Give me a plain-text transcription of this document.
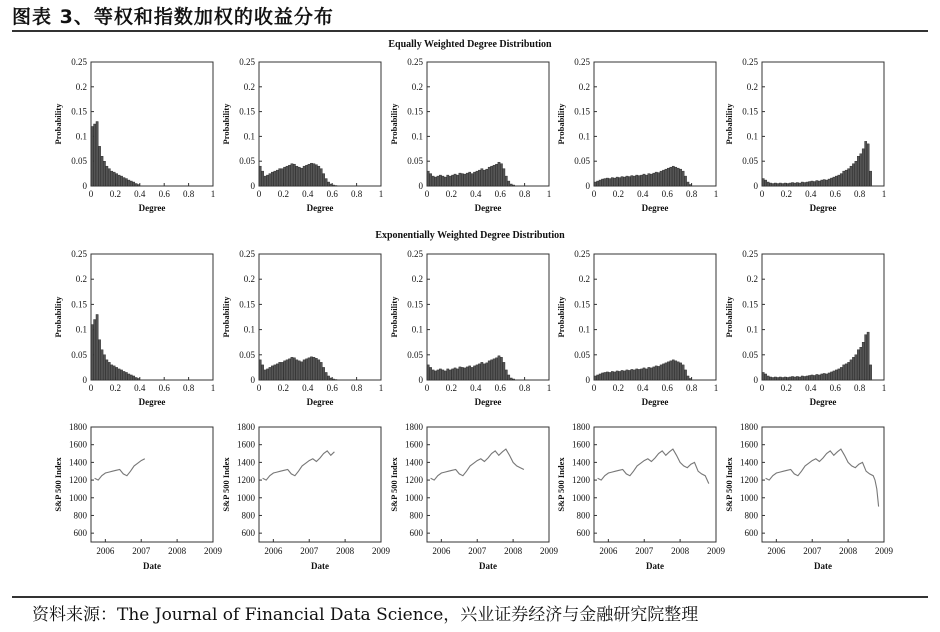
图表 3、等权和指数加权的收益分布
Equally Weighted Degree Distribution
Exponentially Weighted Degree Distribution
0
0.05
0.1
0.15
0.2
0.25
0 0.2 0.4 0.6 0.8 1
Degree
Probability
0
0.05
0.1
0.15
0.2
0.25
0 0.2 0.4 0.6 0.8 1
Degree
Probability
0
0.05
0.1
0.15
0.2
0.25
0 0.2 0.4 0.6 0.8 1
Degree
Probability
0
0.05
0.1
0.15
0.2
0.25
0 0.2 0.4 0.6 0.8 1
Degree
Probability
0
0.05
0.1
0.15
0.2
0.25
0 0.2 0.4 0.6 0.8 1
Degree
Probability
0
0.05
0.1
0.15
0.2
0.25
0 0.2 0.4 0.6 0.8 1
Degree
Probability
0
0.05
0.1
0.15
0.2
0.25
0 0.2 0.4 0.6 0.8 1
Degree
Probability
0
0.05
0.1
0.15
0.2
0.25
0 0.2 0.4 0.6 0.8 1
Degree
Probability
0
0.05
0.1
0.15
0.2
0.25
0 0.2 0.4 0.6 0.8 1
Degree
Probability
0
0.05
0.1
0.15
0.2
0.25
0 0.2 0.4 0.6 0.8 1
Degree
Probability
600
800
1000
1200
1400
1600
1800
2006 2007 2008 2009
Date
S&P 500 Index
600
800
1000
1200
1400
1600
1800
2006 2007 2008 2009
Date
S&P 500 Index
600
800
1000
1200
1400
1600
1800
2006 2007 2008 2009
Date
S&P 500 Index
600
800
1000
1200
1400
1600
1800
2006 2007 2008 2009
Date
S&P 500 Index
600
800
1000
1200
1400
1600
1800
2006 2007 2008 2009
Date
S&P 500 Index
资料来源：The Journal of Financial Data Science，兴业证券经济与金融研究院整理
